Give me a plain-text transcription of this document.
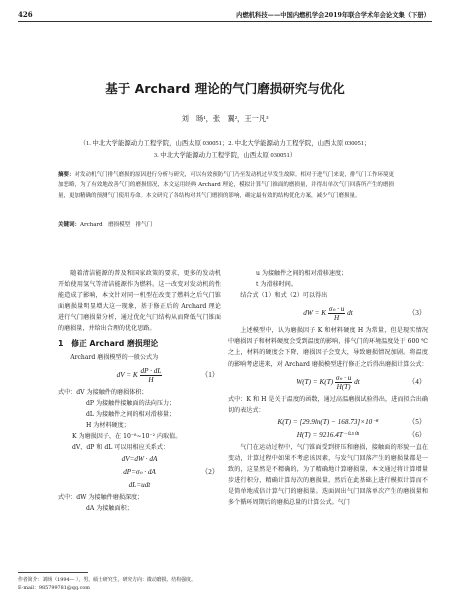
426	内燃机科技——中国内燃机学会2019年联合学术年会论文集（下册）
基于 Archard 理论的气门磨损研究与优化
刘　旸¹，张　翼²，王一凡³
（1. 中北大学能源动力工程学院，山西太原 030051；2. 中北大学能源动力工程学院，山西太原 030051；
3. 中北大学能源动力工程学院，山西太原 030051）
摘要：对发动机气门排气磨损的原因进行分析与研究，可以有效预防气门乃至发动机过早发生故障。相对于进气门来说，排气门工作环境更加恶略，为了有效地改善气门的磨损情况，本文运用经典 Archard 理论，模拟计算气门锥面的磨损量，并得出单次气门回落所产生的磨损量，更加精确的预测气门使用寿命。本文研究了各结构对其气门磨损的影响，确定最有效的结构优化方案，减少气门磨损量。
关键词：Archard　磨损模型　排气门

随着清洁能源的普及和国家政策的要求，更多的发动机开始使用氢气等清洁能源作为燃料。这一改变对发动机的性能造成了影响，本文针对同一机型在改变了燃料之后气门锥面磨损量明显增大这一现象，基于修正后的 Archard 理论进行气门磨损量分析，通过优化气门结构从而降低气门锥面的磨损量，并给出合理的优化思路。

1　修正 Archard 磨损理论

Archard 磨损模型的一般公式为

dV = K $\frac{dP \cdot dL}{H}$	（1）

式中：dV 为接触件的磨损体积；

dP 为接触件接触面的法向压力；

dL 为接触件之间的相对滑移量；

H 为材料硬度；

K 为磨损因子，在 10⁻⁸~10⁻² 内取值。

dV、dP 和 dL 可以用相应关系式：

dV=dW · dA
dP=σₙ · dA	（2）
dL=udt

式中：dW 为接触件磨损深度；

dA 为接触面积；

u 为接触件之间的相对滑移速度；

t 为滑移时间。

结合式（1）和式（2）可以得出

dW = K $\frac{\text{σₙ · u}}{H}$ dt	（3）

上述模型中，认为磨损因子 K 和材料硬度 H 为常量，但是现实情况中磨损因子和材料硬度会受到温度的影响，排气门的环境温度处于 600 ℃之上，材料的硬度会下降，磨损因子会变大，导致磨损情况加剧。将温度的影响考虑进来，对 Archard 磨损模型进行修正之后得出磨损计算公式：

$W(T) = K(T) \frac{\text{σₙ · u}}{H(T)}$ dt	（4）

式中：K 和 H 是关于温度的函数，通过高温磨损试验得出，进而拟合出确切的表达式：

K(T) = [29.9ln(T) − 168.73]×10⁻⁸	（5）
H(T) = 9216.4T⁻⁰·⁵⁰⁵	（6）

气门在运动过程中，气门锥面受到挤压和磨损，接触面的形貌一直在变动，计算过程中如果不考虑该因素，与发气门回落产生的磨损量都是一致的，这显然是不精确的，为了精确地计算磨损量，本文通过将计算增量步进行积分，精确计算每次的磨损量，然后在此基础上进行模拟计算而不是简单地成倍计算气门的磨损量。迭面固出气门回落单次产生的磨损量和多个循环周期后的磨损总量的计算公式。气门

作者简介：刘旸（1994— ），男，硕士研究生，研究方向：微动磨损、结构强度。
E-mail：985799781@qq.com
